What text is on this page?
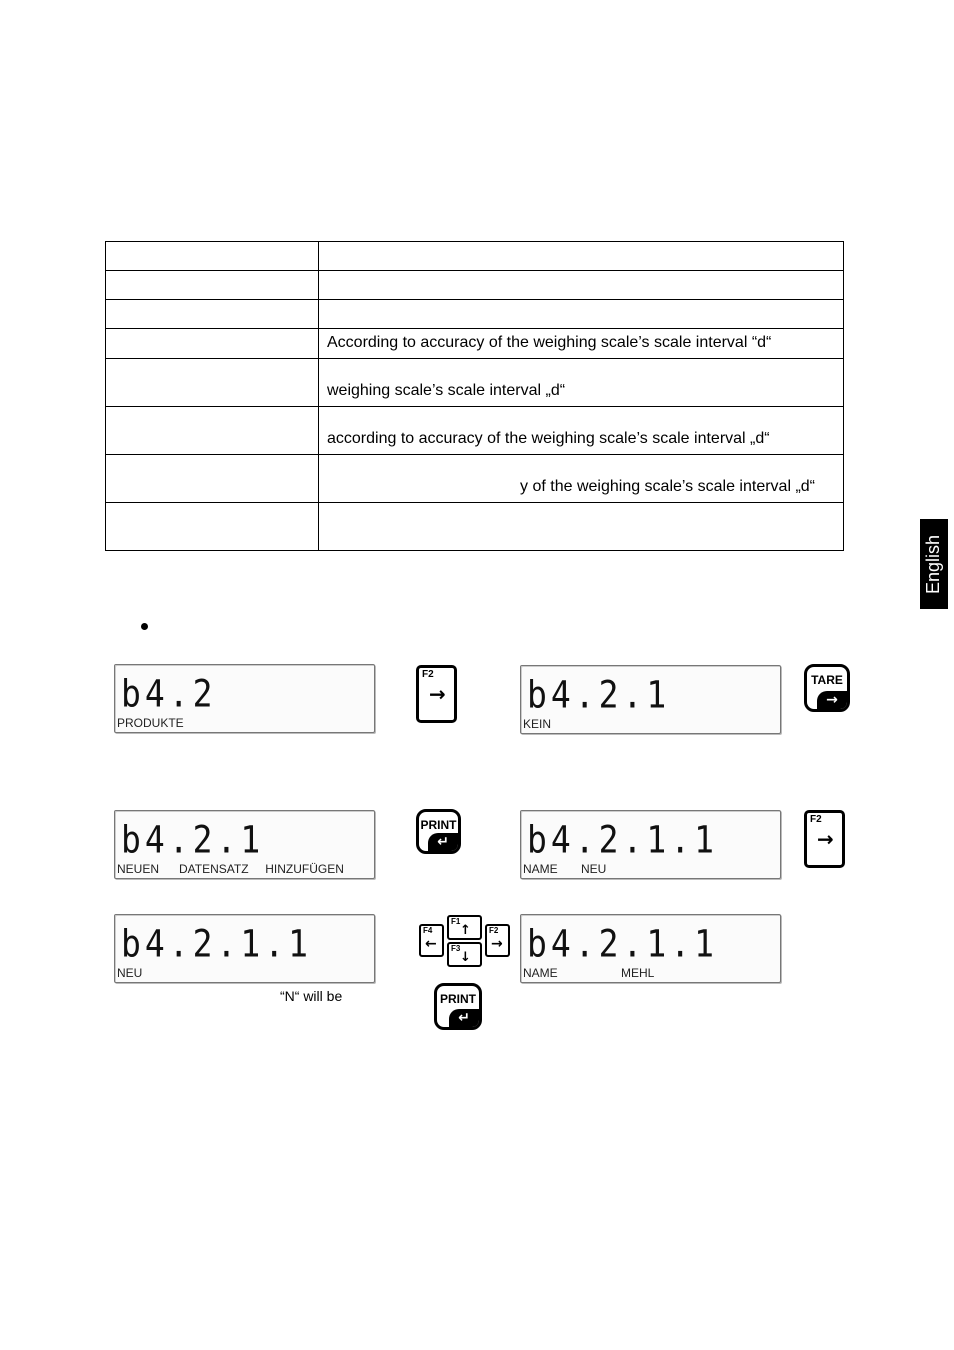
	According to accuracy of the weighing scale’s scale interval “d“
	weighing scale’s scale interval „d“
	according to accuracy of the weighing scale’s scale interval „d“
	y of the weighing scale’s scale interval „d“

English
b4.2
PRODUKTE
F2
→ b4.2.1
KEIN
TARE
→
b4.2.1
NEUEN      DATENSATZ     HINZUFÜGEN
PRINT
↵ b4.2.1.1
NAME       NEU
F2
→
b4.2.1.1
NEU
F4
←
F1
↑
F3
↓
F2
→ b4.2.1.1
NAME                   MEHL
“N“ will be	PRINT
↵
